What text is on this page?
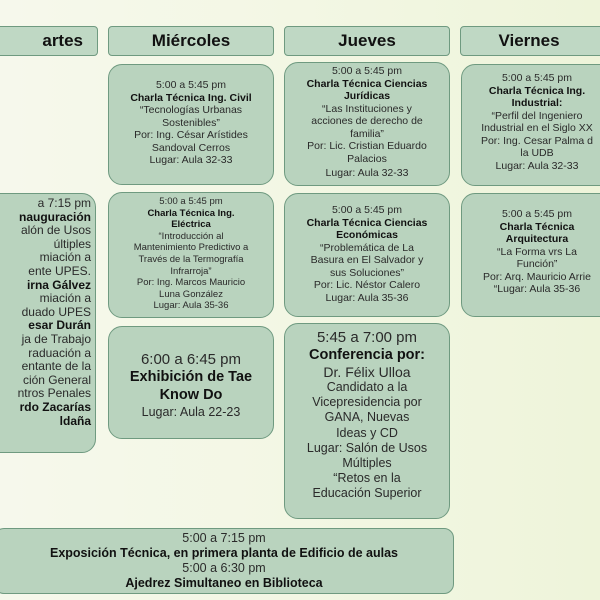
artes	Miércoles	Jueves	Viernes
a 7:15 pm
nauguración
alón de Usos
últiples
miación a
ente UPES.
irna Gálvez
miación a
duado UPES
esar Durán
ja de Trabajo
raduación a
entante de la
ción General
ntros Penales
rdo Zacarías
ldaña
5:00 a 5:45 pm
Charla Técnica Ing. Civil
“Tecnologías Urbanas
Sostenibles”
Por: Ing. César Arístides
Sandoval Cerros
Lugar: Aula 32-33
5:00 a 5:45 pm
Charla Técnica Ing.
Eléctrica
“Introducción al
Mantenimiento Predictivo a
Través de la Termografía
Infrarroja”
Por: Ing. Marcos Mauricio
Luna González
Lugar: Aula 35-36
6:00 a 6:45 pm
Exhibición de Tae
Know Do
Lugar: Aula 22-23
5:00 a 5:45 pm
Charla Técnica Ciencias
Jurídicas
“Las Instituciones y
acciones de derecho de
familia”
Por: Lic. Cristian Eduardo
Palacios
Lugar: Aula 32-33
5:00 a 5:45 pm
Charla Técnica Ciencias
Económicas
“Problemática de La
Basura en El Salvador y
sus Soluciones”
Por: Lic. Néstor Calero
Lugar: Aula 35-36
5:45 a 7:00 pm
Conferencia por:
Dr. Félix Ulloa
Candidato a la
Vicepresidencia por
GANA, Nuevas
Ideas y CD
Lugar: Salón de Usos
Múltiples
“Retos en la
Educación Superior
5:00 a 5:45 pm
Charla Técnica Ing.
Industrial:
“Perfil del Ingeniero
Industrial en el Siglo XX
Por: Ing. Cesar Palma d
la UDB
Lugar: Aula 32-33
5:00 a 5:45 pm
Charla Técnica
Arquitectura
“La Forma vrs La
Función”
Por: Arq. Mauricio Arrie
“Lugar: Aula 35-36
5:00 a 7:15 pm
Exposición Técnica, en primera planta de Edificio de aulas
5:00 a 6:30 pm
Ajedrez Simultaneo en Biblioteca
